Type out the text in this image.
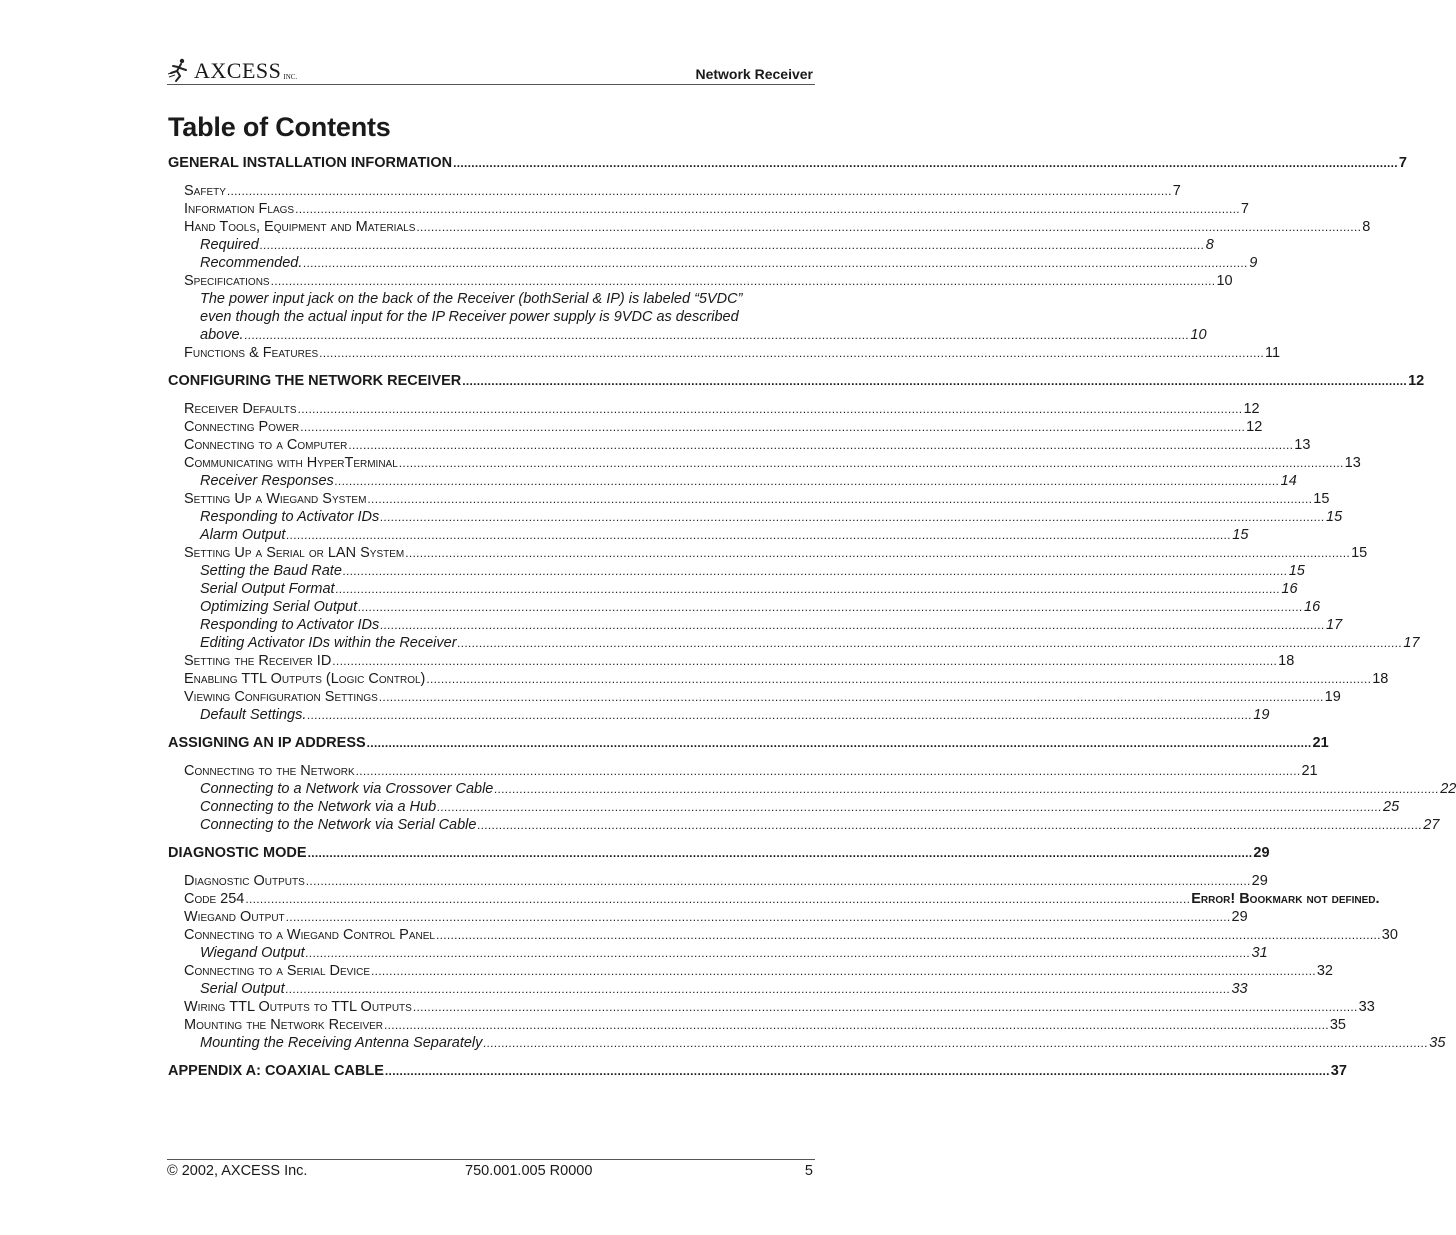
AXCESS INC.	Network Receiver
Table of Contents
GENERAL INSTALLATION INFORMATION .................................................................................................................................................................................................................................................................... 7
Safety .................................................................................................................................................................................................................................................................... 7
Information Flags .................................................................................................................................................................................................................................................................... 7
Hand Tools, Equipment and Materials .................................................................................................................................................................................................................................................................... 8
Required .................................................................................................................................................................................................................................................................... 8
Recommended. .................................................................................................................................................................................................................................................................... 9
Specifications .................................................................................................................................................................................................................................................................... 10
The power input jack on the back of the Receiver (bothSerial & IP) is labeled “5VDC”
even though the actual input for the IP Receiver power supply is 9VDC as described
above. .................................................................................................................................................................................................................................................................... 10
Functions & Features .................................................................................................................................................................................................................................................................... 11
CONFIGURING THE NETWORK RECEIVER .................................................................................................................................................................................................................................................................... 12
Receiver Defaults .................................................................................................................................................................................................................................................................... 12
Connecting Power .................................................................................................................................................................................................................................................................... 12
Connecting to a Computer .................................................................................................................................................................................................................................................................... 13
Communicating with HyperTerminal .................................................................................................................................................................................................................................................................... 13
Receiver Responses .................................................................................................................................................................................................................................................................... 14
Setting Up a Wiegand System .................................................................................................................................................................................................................................................................... 15
Responding to Activator IDs .................................................................................................................................................................................................................................................................... 15
Alarm Output .................................................................................................................................................................................................................................................................... 15
Setting Up a Serial or LAN System .................................................................................................................................................................................................................................................................... 15
Setting the Baud Rate .................................................................................................................................................................................................................................................................... 15
Serial Output Format .................................................................................................................................................................................................................................................................... 16
Optimizing Serial Output .................................................................................................................................................................................................................................................................... 16
Responding to Activator IDs .................................................................................................................................................................................................................................................................... 17
Editing Activator IDs within the Receiver .................................................................................................................................................................................................................................................................... 17
Setting the Receiver ID .................................................................................................................................................................................................................................................................... 18
Enabling TTL Outputs (Logic Control) .................................................................................................................................................................................................................................................................... 18
Viewing Configuration Settings .................................................................................................................................................................................................................................................................... 19
Default Settings. .................................................................................................................................................................................................................................................................... 19
ASSIGNING AN IP ADDRESS .................................................................................................................................................................................................................................................................... 21
Connecting to the Network .................................................................................................................................................................................................................................................................... 21
Connecting to a Network via Crossover Cable .................................................................................................................................................................................................................................................................... 22
Connecting to the Network via a Hub .................................................................................................................................................................................................................................................................... 25
Connecting to the Network via Serial Cable .................................................................................................................................................................................................................................................................... 27
DIAGNOSTIC MODE .................................................................................................................................................................................................................................................................... 29
Diagnostic Outputs .................................................................................................................................................................................................................................................................... 29
Code 254 .................................................................................................................................................................................................................................................................... Error! Bookmark not defined.
Wiegand Output .................................................................................................................................................................................................................................................................... 29
Connecting to a Wiegand Control Panel .................................................................................................................................................................................................................................................................... 30
Wiegand Output .................................................................................................................................................................................................................................................................... 31
Connecting to a Serial Device .................................................................................................................................................................................................................................................................... 32
Serial Output .................................................................................................................................................................................................................................................................... 33
Wiring TTL Outputs to TTL Outputs .................................................................................................................................................................................................................................................................... 33
Mounting the Network Receiver .................................................................................................................................................................................................................................................................... 35
Mounting the Receiving Antenna Separately .................................................................................................................................................................................................................................................................... 35
APPENDIX A: COAXIAL CABLE .................................................................................................................................................................................................................................................................... 37
© 2002, AXCESS Inc.	750.001.005 R0000	5
